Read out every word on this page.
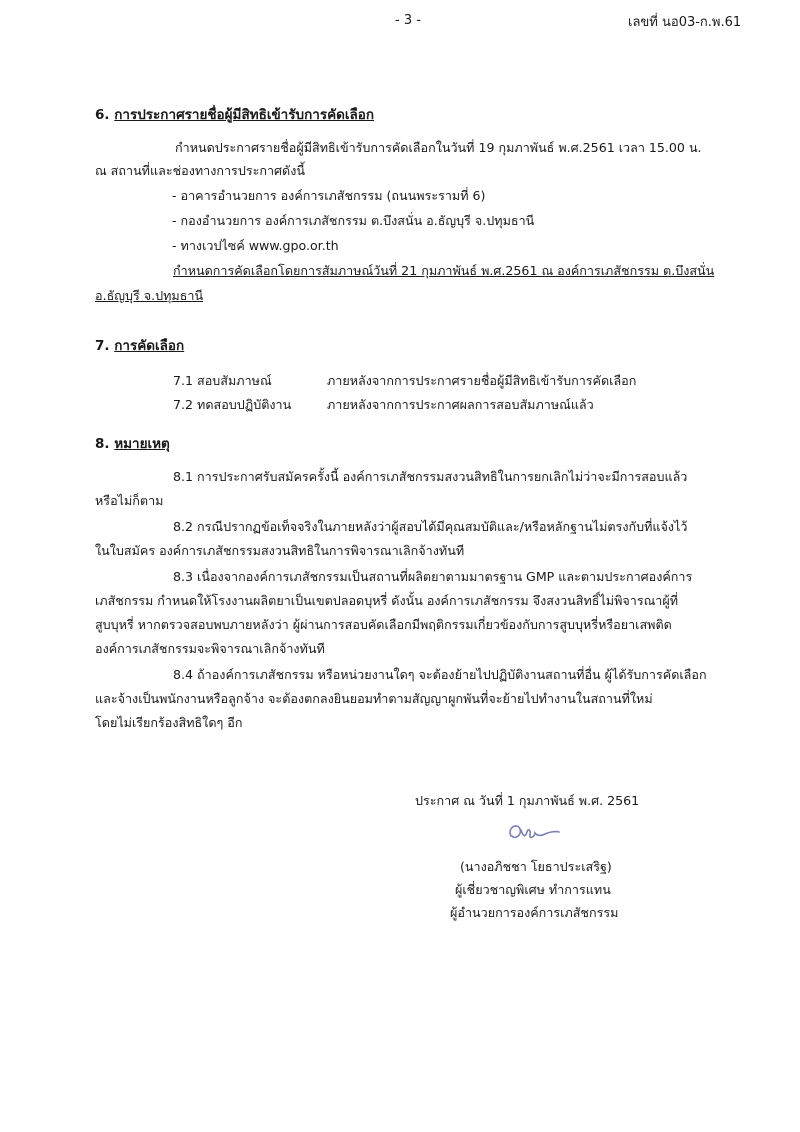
- 3 -	เลขที่ นอ03-ก.พ.61
6. การประกาศรายชื่อผู้มีสิทธิเข้ารับการคัดเลือก
กำหนดประกาศรายชื่อผู้มีสิทธิเข้ารับการคัดเลือกในวันที่ 19 กุมภาพันธ์ พ.ศ.2561 เวลา 15.00 น.
ณ สถานที่และช่องทางการประกาศดังนี้
- อาคารอำนวยการ องค์การเภสัชกรรม (ถนนพระรามที่ 6)
- กองอำนวยการ องค์การเภสัชกรรม ต.บึงสนั่น อ.ธัญบุรี จ.ปทุมธานี
- ทางเวปไซค์ www.gpo.or.th
กำหนดการคัดเลือกโดยการสัมภาษณ์วันที่ 21 กุมภาพันธ์ พ.ศ.2561 ณ องค์การเภสัชกรรม ต.บึงสนั่น
อ.ธัญบุรี จ.ปทุมธานี
7. การคัดเลือก
7.1 สอบสัมภาษณ์	ภายหลังจากการประกาศรายชื่อผู้มีสิทธิเข้ารับการคัดเลือก
7.2 ทดสอบปฏิบัติงาน	ภายหลังจากการประกาศผลการสอบสัมภาษณ์แล้ว
8. หมายเหตุ
8.1 การประกาศรับสมัครครั้งนี้ องค์การเภสัชกรรมสงวนสิทธิในการยกเลิกไม่ว่าจะมีการสอบแล้ว
หรือไม่ก็ตาม
8.2 กรณีปรากฏข้อเท็จจริงในภายหลังว่าผู้สอบได้มีคุณสมบัติและ/หรือหลักฐานไม่ตรงกับที่แจ้งไว้
ในใบสมัคร องค์การเภสัชกรรมสงวนสิทธิในการพิจารณาเลิกจ้างทันที
8.3 เนื่องจากองค์การเภสัชกรรมเป็นสถานที่ผลิตยาตามมาตรฐาน GMP และตามประกาศองค์การ
เภสัชกรรม กำหนดให้โรงงานผลิตยาเป็นเขตปลอดบุหรี่ ดังนั้น องค์การเภสัชกรรม จึงสงวนสิทธิ์ไม่พิจารณาผู้ที่
สูบบุหรี่ หากตรวจสอบพบภายหลังว่า ผู้ผ่านการสอบคัดเลือกมีพฤติกรรมเกี่ยวข้องกับการสูบบุหรี่หรือยาเสพติด
องค์การเภสัชกรรมจะพิจารณาเลิกจ้างทันที
8.4 ถ้าองค์การเภสัชกรรม หรือหน่วยงานใดๆ จะต้องย้ายไปปฏิบัติงานสถานที่อื่น ผู้ได้รับการคัดเลือก
และจ้างเป็นพนักงานหรือลูกจ้าง จะต้องตกลงยินยอมทำตามสัญญาผูกพันที่จะย้ายไปทำงานในสถานที่ใหม่
โดยไม่เรียกร้องสิทธิใดๆ อีก
ประกาศ ณ วันที่ 1 กุมภาพันธ์ พ.ศ. 2561
(นางอภิชชา โยธาประเสริฐ)
ผู้เชี่ยวชาญพิเศษ ทำการแทน
ผู้อำนวยการองค์การเภสัชกรรม
